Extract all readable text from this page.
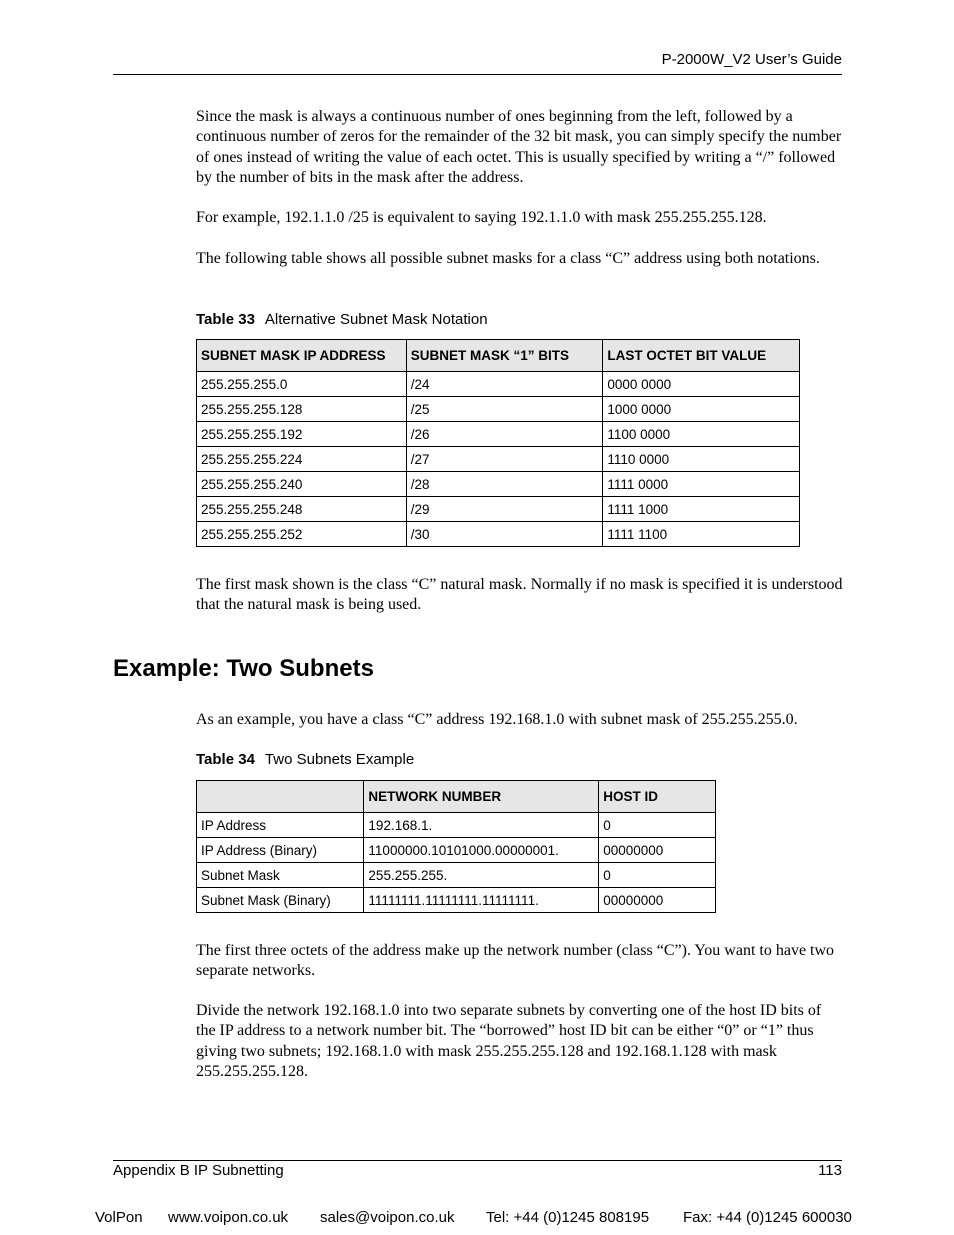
P-2000W_V2 User’s Guide
Since the mask is always a continuous number of ones beginning from the left, followed by a continuous number of zeros for the remainder of the 32 bit mask, you can simply specify the number of ones instead of writing the value of each octet. This is usually specified by writing a “/” followed by the number of bits in the mask after the address.
For example, 192.1.1.0 /25 is equivalent to saying 192.1.1.0 with mask 255.255.255.128.
The following table shows all possible subnet masks for a class “C” address using both notations.
Table 33 Alternative Subnet Mask Notation
SUBNET MASK IP ADDRESS	SUBNET MASK “1” BITS	LAST OCTET BIT VALUE
255.255.255.0	/24	0000 0000
255.255.255.128	/25	1000 0000
255.255.255.192	/26	1100 0000
255.255.255.224	/27	1110 0000
255.255.255.240	/28	1111 0000
255.255.255.248	/29	1111 1000
255.255.255.252	/30	1111 1100
The first mask shown is the class “C” natural mask. Normally if no mask is specified it is understood that the natural mask is being used.
Example: Two Subnets
As an example, you have a class “C” address 192.168.1.0 with subnet mask of 255.255.255.0.
Table 34 Two Subnets Example
	NETWORK NUMBER	HOST ID
IP Address	192.168.1.	0
IP Address (Binary)	11000000.10101000.00000001.	00000000
Subnet Mask	255.255.255.	0
Subnet Mask (Binary)	11111111.11111111.11111111.	00000000
The first three octets of the address make up the network number (class “C”). You want to have two separate networks.
Divide the network 192.168.1.0 into two separate subnets by converting one of the host ID bits of the IP address to a network number bit. The “borrowed” host ID bit can be either “0” or “1” thus giving two subnets; 192.168.1.0 with mask 255.255.255.128 and 192.168.1.128 with mask 255.255.255.128.
Appendix B IP Subnetting	113
VolPon www.voipon.co.uk sales@voipon.co.uk Tel: +44 (0)1245 808195 Fax: +44 (0)1245 600030
